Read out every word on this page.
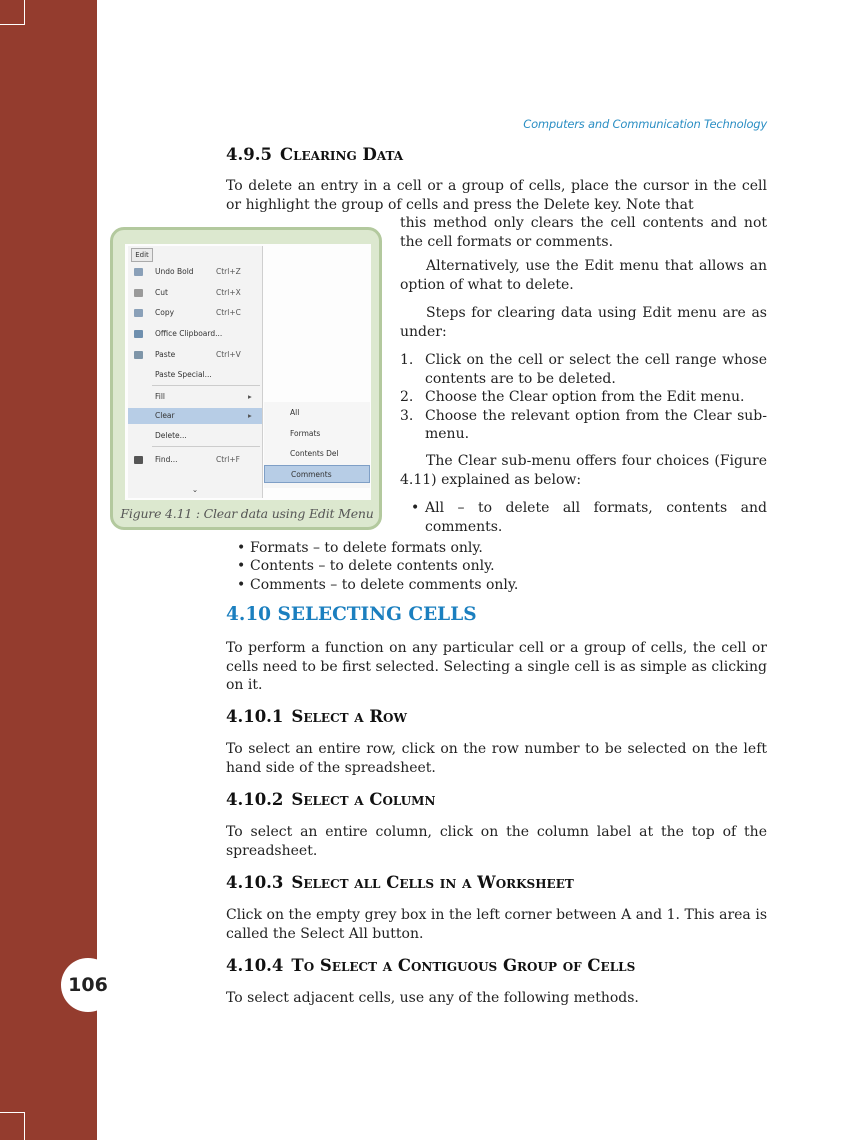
106
Computers and Communication Technology
4.9.5 Clearing Data
To delete an entry in a cell or a group of cells, place the cursor in the cell or highlight the group of cells and press the Delete key. Note that
this method only clears the cell contents and not the cell formats or comments.
Alternatively, use the Edit menu that allows an option of what to delete.
Steps for clearing data using Edit menu are as under:
1. Click on the cell or select the cell range whose contents are to be deleted.
2. Choose the Clear option from the Edit menu.
3. Choose the relevant option from the Clear sub-menu.
The Clear sub-menu offers four choices (Figure 4.11) explained as below:
• All – to delete all formats, contents and comments.
• Formats – to delete formats only.
• Contents – to delete contents only.
• Comments – to delete comments only.
Edit
Undo Bold	Ctrl+Z
Cut	Ctrl+X
Copy	Ctrl+C
Office Clipboard...
Paste	Ctrl+V
Paste Special...
Fill	▸
Clear	▸
Delete...
Find...	Ctrl+F
⌄
All
Formats
Contents Del
Comments
Figure 4.11 : Clear data using Edit Menu
4.10 SELECTING CELLS
To perform a function on any particular cell or a group of cells, the cell or cells need to be first selected. Selecting a single cell is as simple as clicking on it.
4.10.1 Select a Row
To select an entire row, click on the row number to be selected on the left hand side of the spreadsheet.
4.10.2 Select a Column
To select an entire column, click on the column label at the top of the spreadsheet.
4.10.3 Select all Cells in a Worksheet
Click on the empty grey box in the left corner between A and 1. This area is called the Select All button.
4.10.4 To Select a Contiguous Group of Cells
To select adjacent cells, use any of the following methods.
